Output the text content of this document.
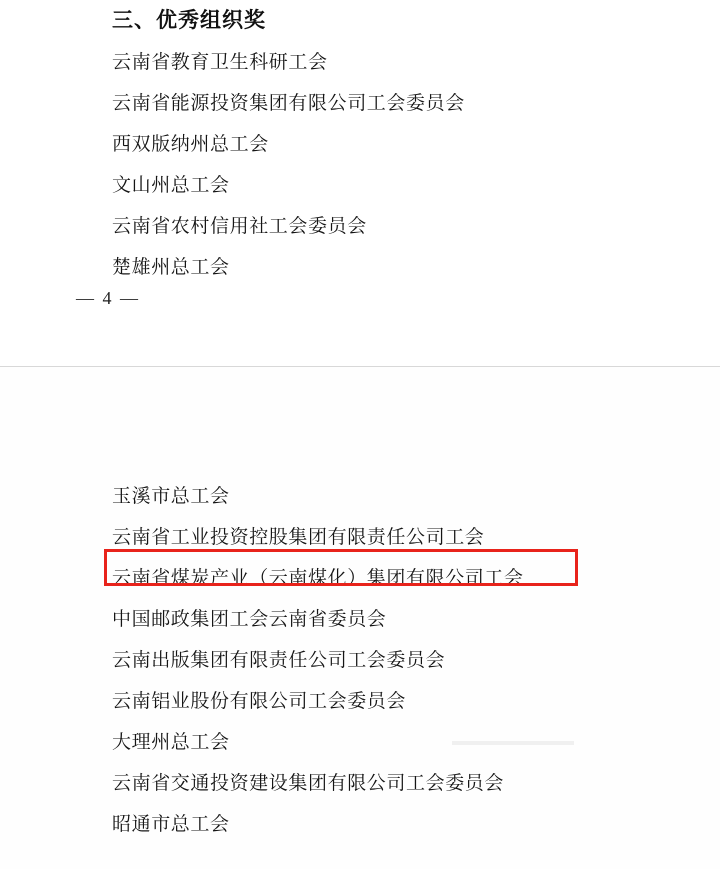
三、优秀组织奖
云南省教育卫生科研工会
云南省能源投资集团有限公司工会委员会
西双版纳州总工会
文山州总工会
云南省农村信用社工会委员会
楚雄州总工会
— 4 —
玉溪市总工会
云南省工业投资控股集团有限责任公司工会
云南省煤炭产业（云南煤化）集团有限公司工会
中国邮政集团工会云南省委员会
云南出版集团有限责任公司工会委员会
云南铝业股份有限公司工会委员会
大理州总工会
云南省交通投资建设集团有限公司工会委员会
昭通市总工会
